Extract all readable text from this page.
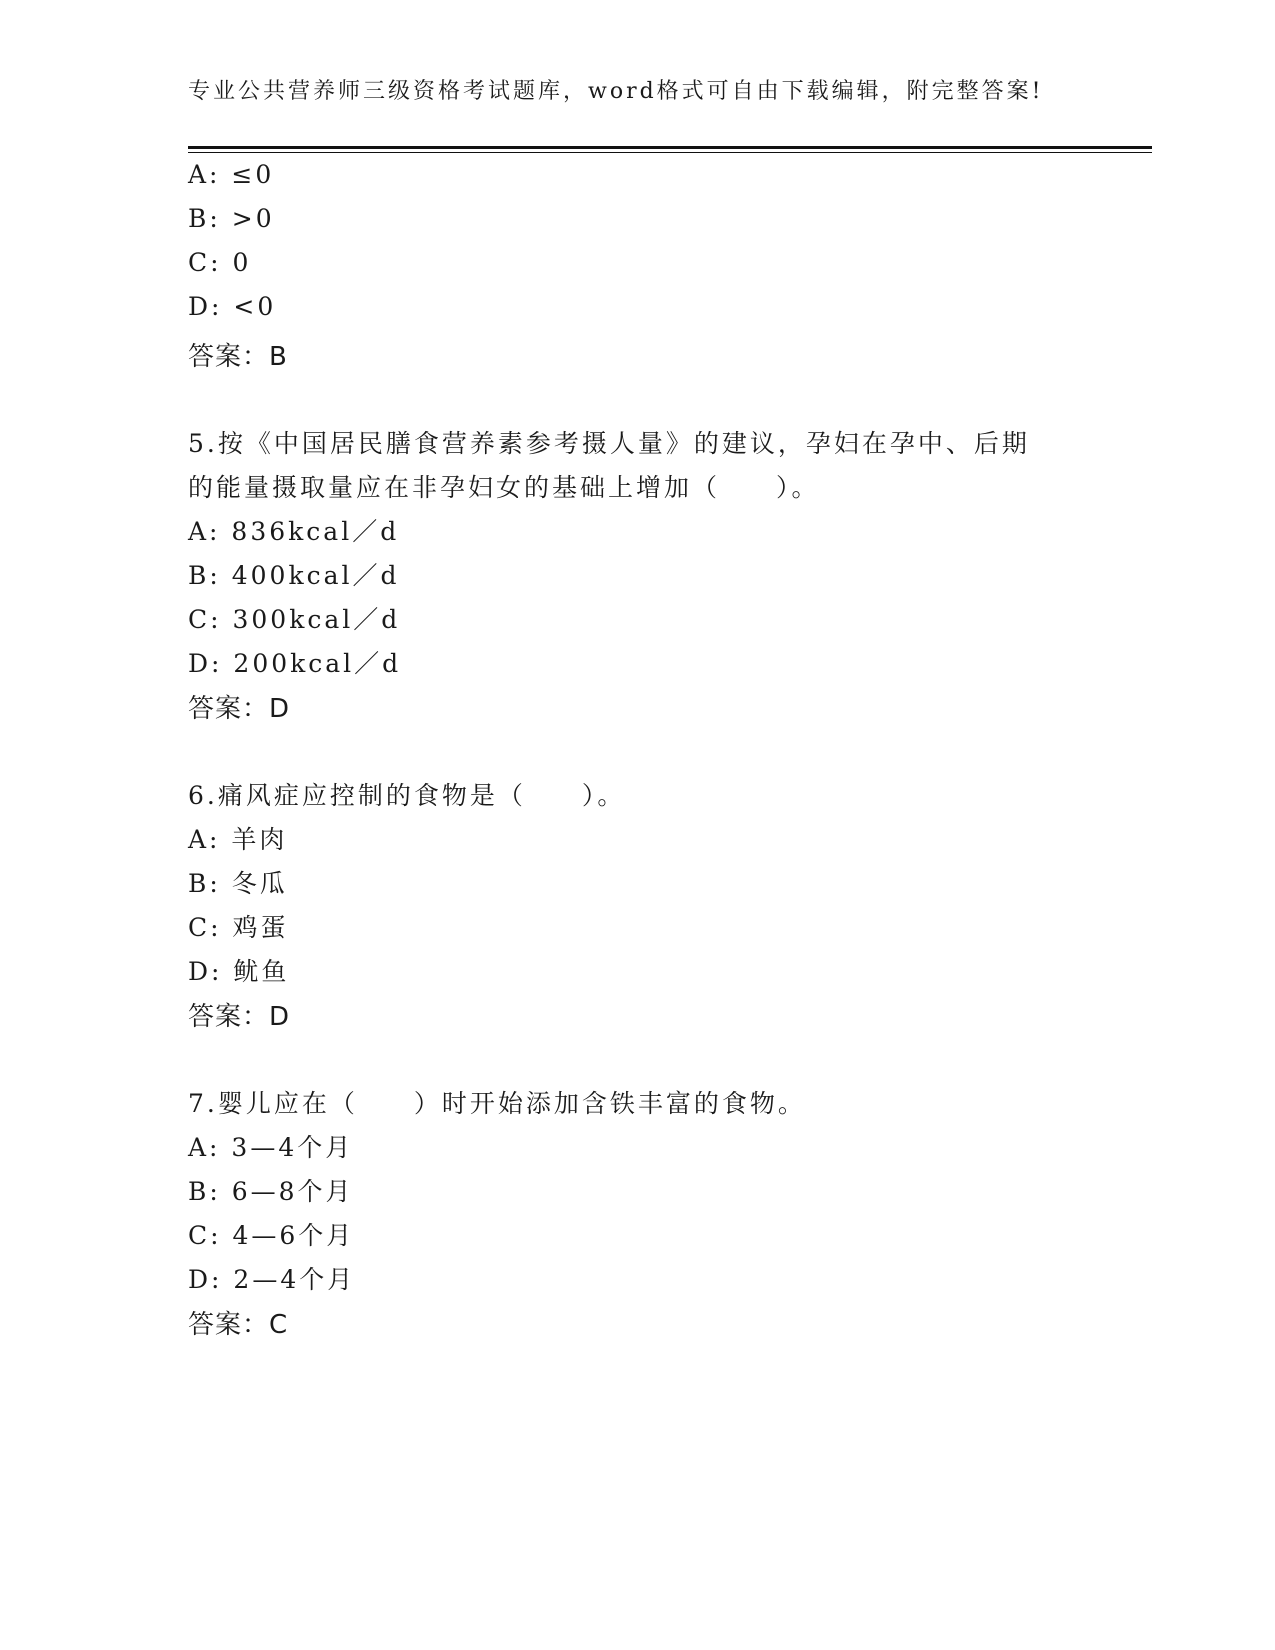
专业公共营养师三级资格考试题库，word格式可自由下载编辑，附完整答案!
A: ≤0
B: >0
C: 0
D: <0
答案：B
5.按《中国居民膳食营养素参考摄人量》的建议，孕妇在孕中、后期
的能量摄取量应在非孕妇女的基础上增加（　　）。
A: 836kcal／d
B: 400kcal／d
C: 300kcal／d
D: 200kcal／d
答案：D
6.痛风症应控制的食物是（　　）。
A: 羊肉
B: 冬瓜
C: 鸡蛋
D: 鱿鱼
答案：D
7.婴儿应在（　　）时开始添加含铁丰富的食物。
A: 3—4个月
B: 6—8个月
C: 4—6个月
D: 2—4个月
答案：C
